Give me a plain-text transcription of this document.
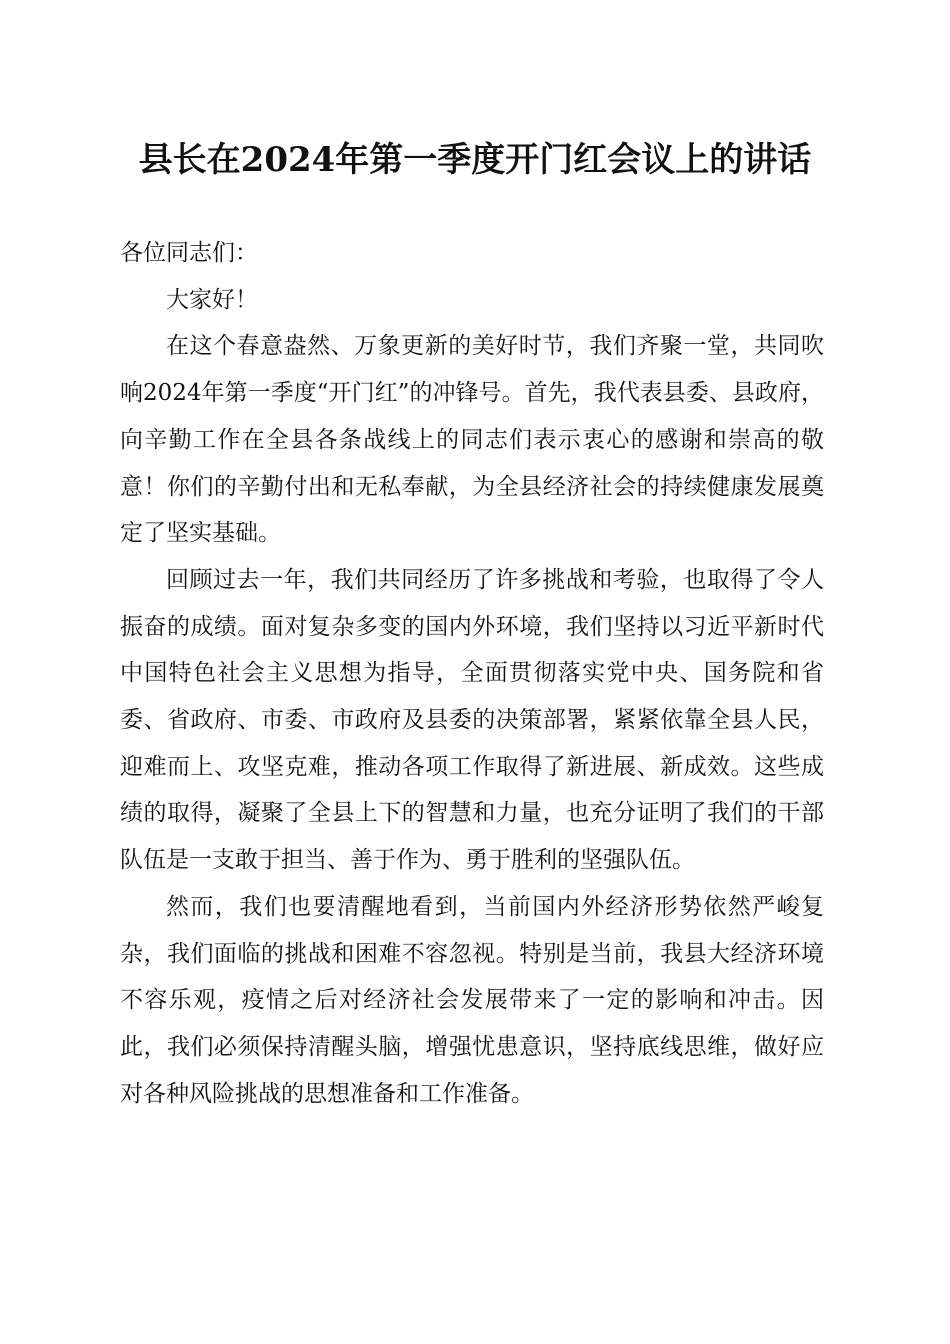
县长在2024年第一季度开门红会议上的讲话

各位同志们：

大家好！

在这个春意盎然、万象更新的美好时节，我们齐聚一堂，共同吹响2024年第一季度“开门红”的冲锋号。首先，我代表县委、县政府，向辛勤工作在全县各条战线上的同志们表示衷心的感谢和崇高的敬意！你们的辛勤付出和无私奉献，为全县经济社会的持续健康发展奠定了坚实基础。

回顾过去一年，我们共同经历了许多挑战和考验，也取得了令人振奋的成绩。面对复杂多变的国内外环境，我们坚持以习近平新时代中国特色社会主义思想为指导，全面贯彻落实党中央、国务院和省委、省政府、市委、市政府及县委的决策部署，紧紧依靠全县人民，迎难而上、攻坚克难，推动各项工作取得了新进展、新成效。这些成绩的取得，凝聚了全县上下的智慧和力量，也充分证明了我们的干部队伍是一支敢于担当、善于作为、勇于胜利的坚强队伍。

然而，我们也要清醒地看到，当前国内外经济形势依然严峻复杂，我们面临的挑战和困难不容忽视。特别是当前，我县大经济环境不容乐观，疫情之后对经济社会发展带来了一定的影响和冲击。因此，我们必须保持清醒头脑，增强忧患意识，坚持底线思维，做好应对各种风险挑战的思想准备和工作准备。
